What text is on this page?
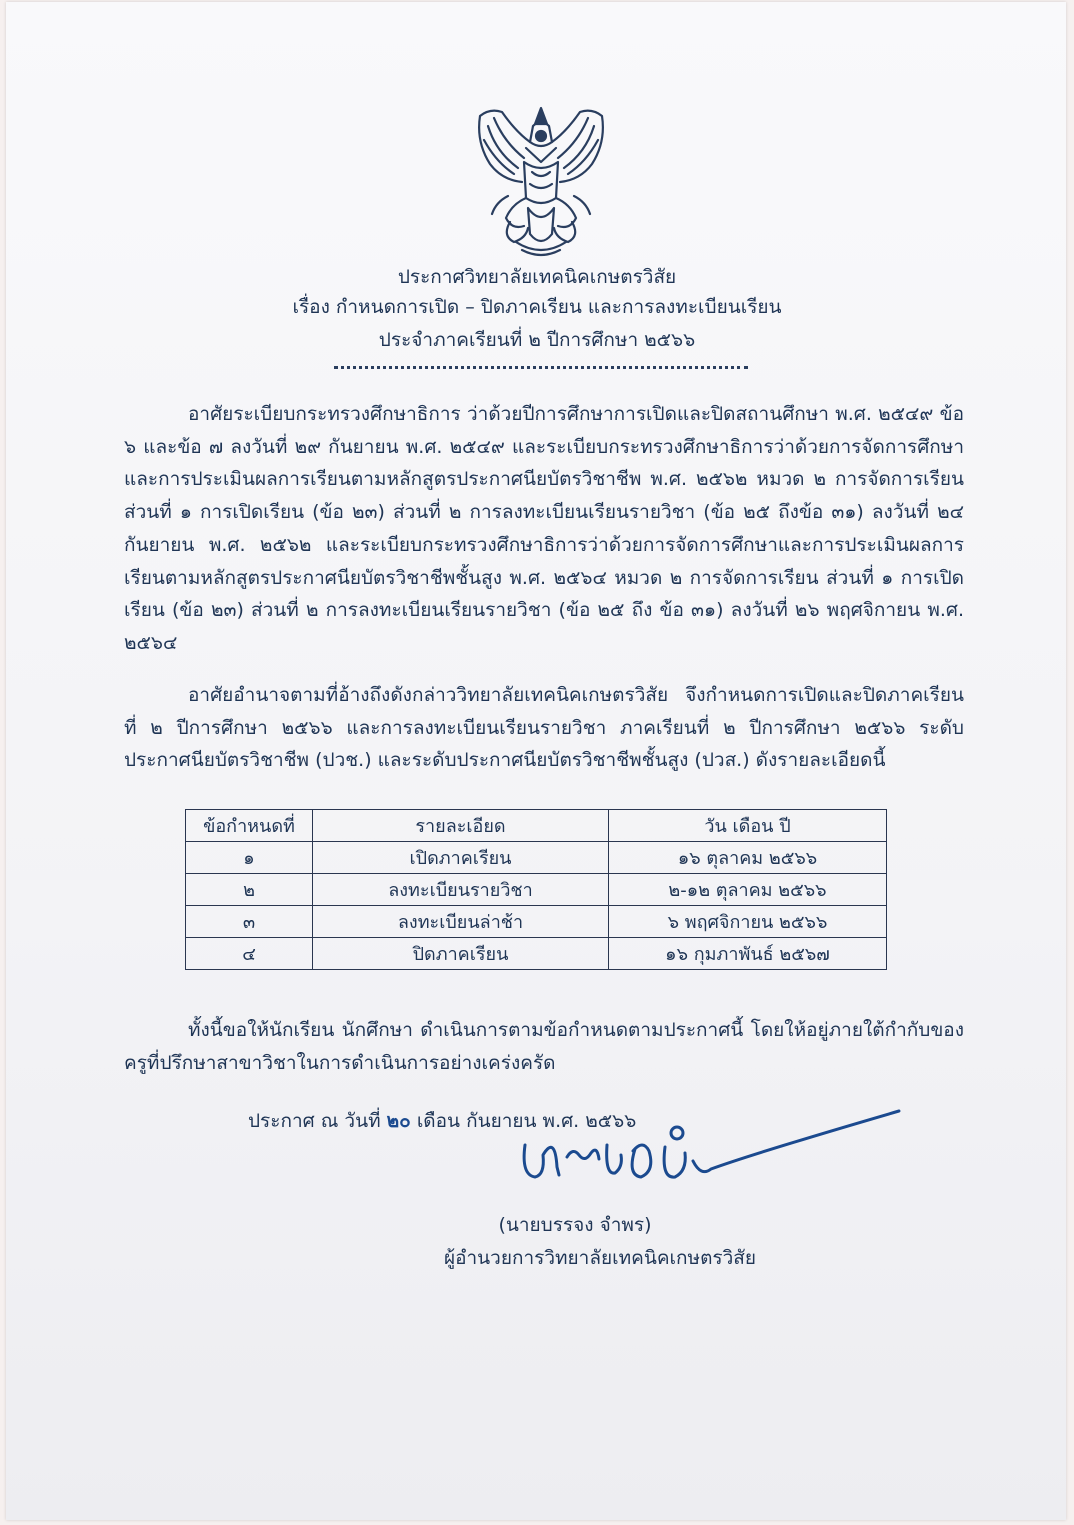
ประกาศวิทยาลัยเทคนิคเกษตรวิสัย
เรื่อง กำหนดการเปิด – ปิดภาคเรียน และการลงทะเบียนเรียน
ประจำภาคเรียนที่ ๒ ปีการศึกษา ๒๕๖๖

อาศัยระเบียบกระทรวงศึกษาธิการ ว่าด้วยปีการศึกษาการเปิดและปิดสถานศึกษา พ.ศ. ๒๕๔๙ ข้อ ๖ และข้อ ๗ ลงวันที่ ๒๙ กันยายน พ.ศ. ๒๕๔๙ และระเบียบกระทรวงศึกษาธิการว่าด้วยการจัดการศึกษาและการประเมินผลการเรียนตามหลักสูตรประกาศนียบัตรวิชาชีพ พ.ศ. ๒๕๖๒ หมวด ๒ การจัดการเรียน ส่วนที่ ๑ การเปิดเรียน (ข้อ ๒๓) ส่วนที่ ๒ การลงทะเบียนเรียนรายวิชา (ข้อ ๒๕ ถึงข้อ ๓๑) ลงวันที่ ๒๔ กันยายน พ.ศ. ๒๕๖๒ และระเบียบกระทรวงศึกษาธิการว่าด้วยการจัดการศึกษาและการประเมินผลการเรียนตามหลักสูตรประกาศนียบัตรวิชาชีพชั้นสูง พ.ศ. ๒๕๖๔ หมวด ๒ การจัดการเรียน ส่วนที่ ๑ การเปิดเรียน (ข้อ ๒๓) ส่วนที่ ๒ การลงทะเบียนเรียนรายวิชา (ข้อ ๒๕ ถึง ข้อ ๓๑) ลงวันที่ ๒๖ พฤศจิกายน พ.ศ. ๒๕๖๔

อาศัยอำนาจตามที่อ้างถึงดังกล่าววิทยาลัยเทคนิคเกษตรวิสัย จึงกำหนดการเปิดและปิดภาคเรียนที่ ๒ ปีการศึกษา ๒๕๖๖ และการลงทะเบียนเรียนรายวิชา ภาคเรียนที่ ๒ ปีการศึกษา ๒๕๖๖ ระดับประกาศนียบัตรวิชาชีพ (ปวช.) และระดับประกาศนียบัตรวิชาชีพชั้นสูง (ปวส.) ดังรายละเอียดนี้

ข้อกำหนดที่	รายละเอียด	วัน เดือน ปี
๑	เปิดภาคเรียน	๑๖ ตุลาคม ๒๕๖๖
๒	ลงทะเบียนรายวิชา	๒-๑๒ ตุลาคม ๒๕๖๖
๓	ลงทะเบียนล่าช้า	๖ พฤศจิกายน ๒๕๖๖
๔	ปิดภาคเรียน	๑๖ กุมภาพันธ์ ๒๕๖๗

ทั้งนี้ขอให้นักเรียน นักศึกษา ดำเนินการตามข้อกำหนดตามประกาศนี้ โดยให้อยู่ภายใต้กำกับของครูที่ปรึกษาสาขาวิชาในการดำเนินการอย่างเคร่งครัด

ประกาศ ณ วันที่ ๒๐ เดือน กันยายน พ.ศ. ๒๕๖๖
(นายบรรจง จำพร)
ผู้อำนวยการวิทยาลัยเทคนิคเกษตรวิสัย
